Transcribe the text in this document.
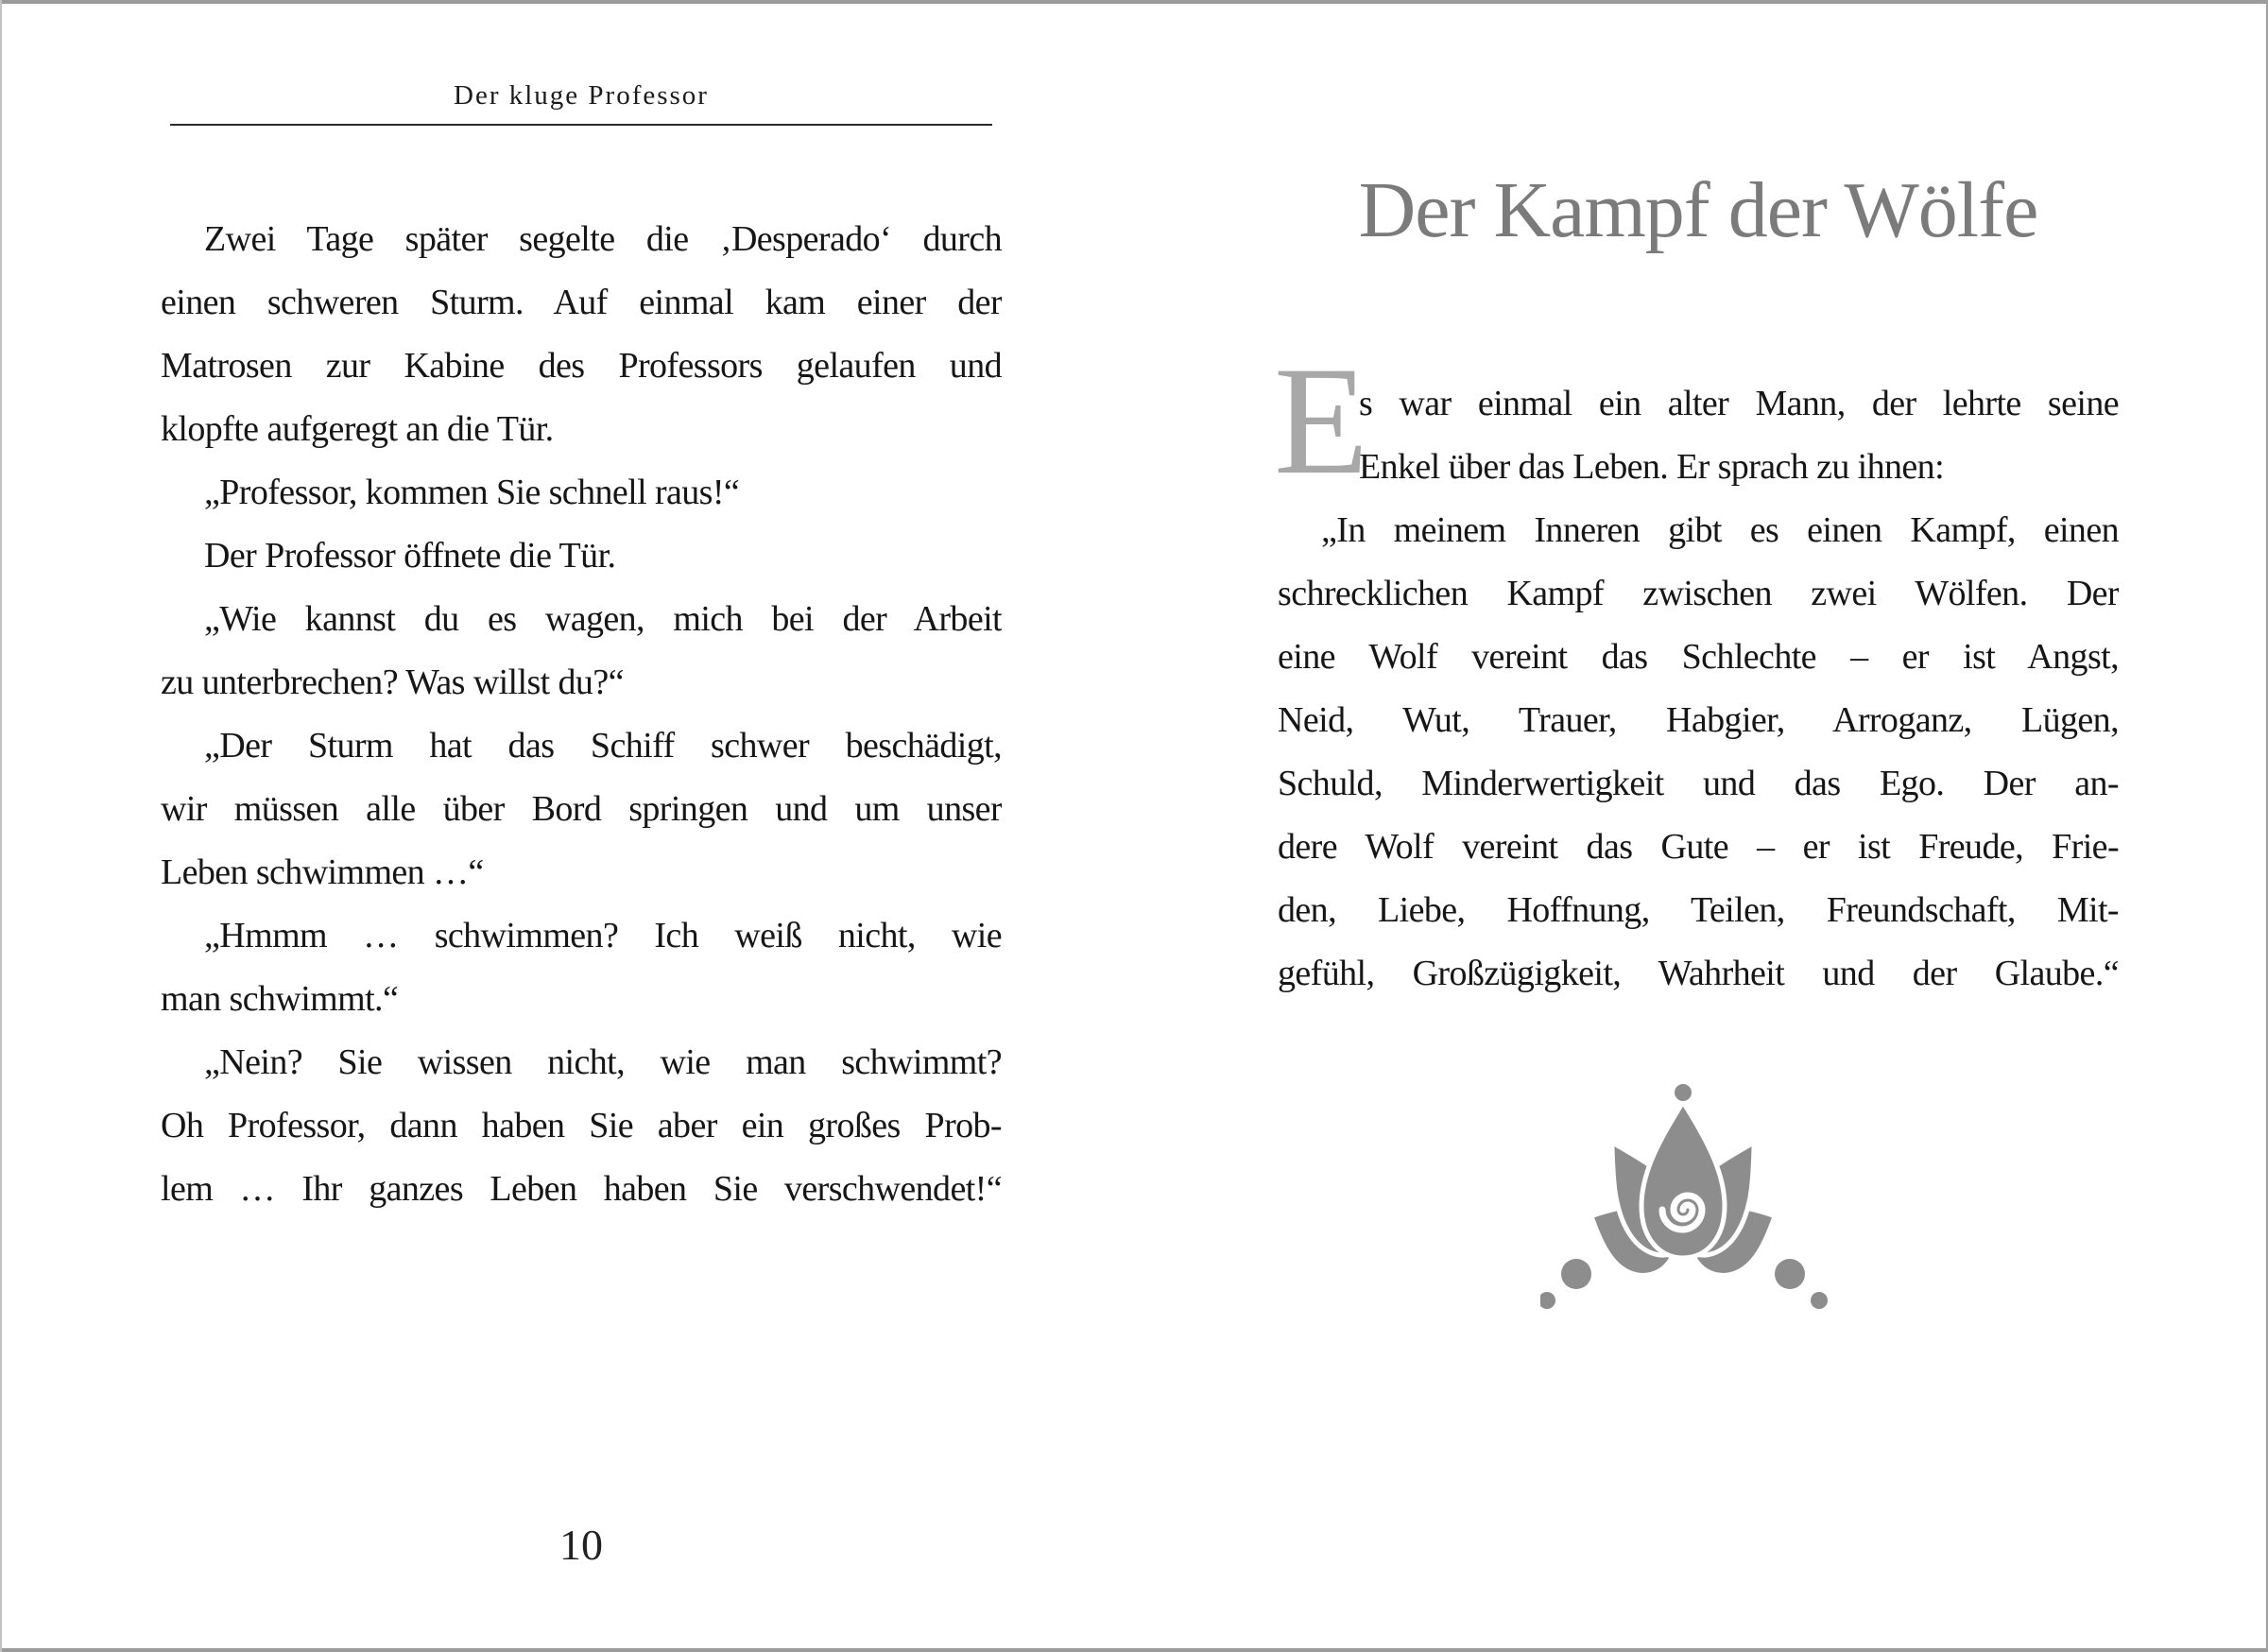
Der kluge Professor
Zwei Tage später segelte die ‚Desperado‘ durch
einen schweren Sturm. Auf einmal kam einer der
Matrosen zur Kabine des Professors gelaufen und
klopfte aufgeregt an die Tür.
„Professor, kommen Sie schnell raus!“
Der Professor öffnete die Tür.
„Wie kannst du es wagen, mich bei der Arbeit
zu unterbrechen? Was willst du?“
„Der Sturm hat das Schiff schwer beschädigt,
wir müssen alle über Bord springen und um unser
Leben schwimmen …“
„Hmmm … schwimmen? Ich weiß nicht, wie
man schwimmt.“
„Nein? Sie wissen nicht, wie man schwimmt?
Oh Professor, dann haben Sie aber ein großes Prob-
lem … Ihr ganzes Leben haben Sie verschwendet!“
10
Der Kampf der Wölfe
E
s war einmal ein alter Mann, der lehrte seine
Enkel über das Leben. Er sprach zu ihnen:
„In meinem Inneren gibt es einen Kampf, einen
schrecklichen Kampf zwischen zwei Wölfen. Der
eine Wolf vereint das Schlechte – er ist Angst,
Neid, Wut, Trauer, Habgier, Arroganz, Lügen,
Schuld, Minderwertigkeit und das Ego. Der an-
dere Wolf vereint das Gute – er ist Freude, Frie-
den, Liebe, Hoffnung, Teilen, Freundschaft, Mit-
gefühl, Großzügigkeit, Wahrheit und der Glaube.“
